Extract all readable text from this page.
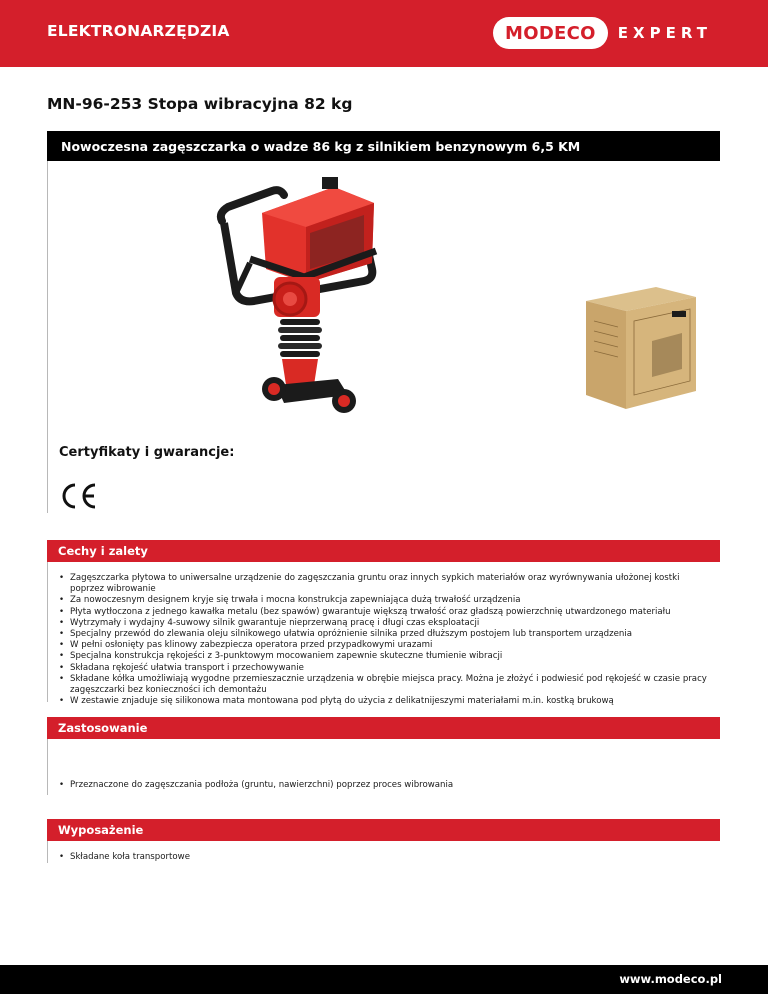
ELEKTRONARZĘDZIA	MODECO	EXPERT
MN-96-253 Stopa wibracyjna 82 kg
Nowoczesna zagęszczarka o wadze 86 kg z silnikiem benzynowym 6,5 KM
Certyfikaty i gwarancje:
Cechy i zalety
• Zagęszczarka płytowa to uniwersalne urządzenie do zagęszczania gruntu oraz innych sypkich materiałów oraz wyrównywania ułożonej kostki poprzez wibrowanie
• Za nowoczesnym designem kryje się trwała i mocna konstrukcja zapewniająca dużą trwałość urządzenia
• Płyta wytłoczona z jednego kawałka metalu (bez spawów) gwarantuje większą trwałość oraz gładszą powierzchnię utwardzonego materiału
• Wytrzymały i wydajny 4-suwowy silnik gwarantuje nieprzerwaną pracę i długi czas eksploatacji
• Specjalny przewód do zlewania oleju silnikowego ułatwia opróżnienie silnika przed dłuższym postojem lub transportem urządzenia
• W pełni osłonięty pas klinowy zabezpiecza operatora przed przypadkowymi urazami
• Specjalna konstrukcja rękojeści z 3-punktowym mocowaniem zapewnie skuteczne tłumienie wibracji
• Składana rękojeść ułatwia transport i przechowywanie
• Składane kółka umożliwiają wygodne przemieszacznie urządzenia w obrębie miejsca pracy. Można je złożyć i podwiesić pod rękojeść w czasie pracy zagęszczarki bez konieczności ich demontażu
• W zestawie znjaduje się silikonowa mata montowana pod płytą do użycia z delikatnijeszymi materiałami m.in. kostką brukową
Zastosowanie
• Przeznaczone do zagęszczania podłoża (gruntu, nawierzchni) poprzez proces wibrowania
Wyposażenie
• Składane koła transportowe
www.modeco.pl
